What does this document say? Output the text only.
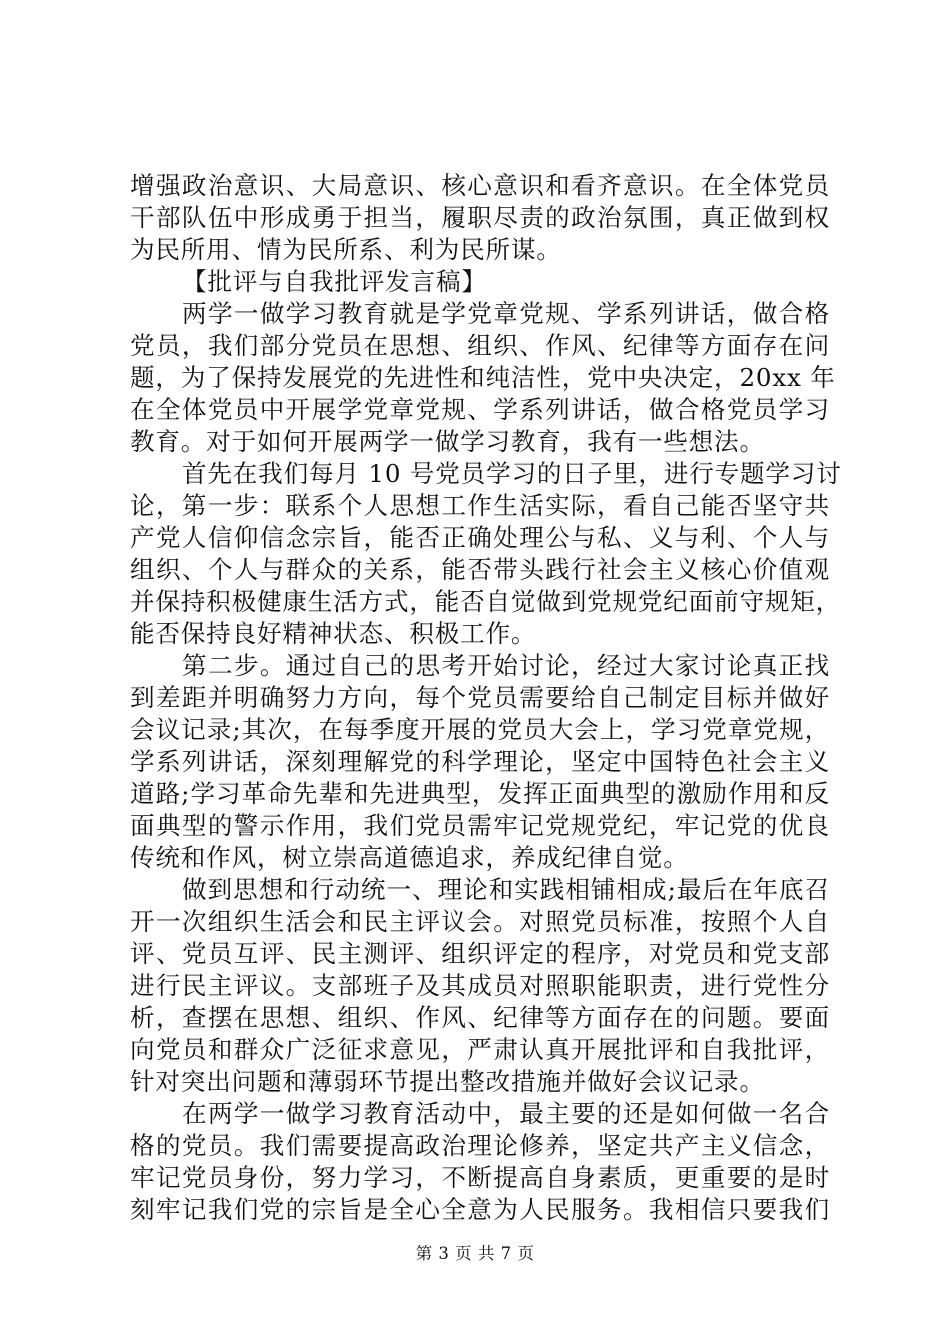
增强政治意识、大局意识、核心意识和看齐意识。在全体党员
干部队伍中形成勇于担当，履职尽责的政治氛围，真正做到权
为民所用、情为民所系、利为民所谋。
【批评与自我批评发言稿】
两学一做学习教育就是学党章党规、学系列讲话，做合格
党员，我们部分党员在思想、组织、作风、纪律等方面存在问
题，为了保持发展党的先进性和纯洁性，党中央决定，20xx 年
在全体党员中开展学党章党规、学系列讲话，做合格党员学习
教育。对于如何开展两学一做学习教育，我有一些想法。
首先在我们每月 10 号党员学习的日子里，进行专题学习讨
论，第一步：联系个人思想工作生活实际，看自己能否坚守共
产党人信仰信念宗旨，能否正确处理公与私、义与利、个人与
组织、个人与群众的关系，能否带头践行社会主义核心价值观
并保持积极健康生活方式，能否自觉做到党规党纪面前守规矩，
能否保持良好精神状态、积极工作。
第二步。通过自己的思考开始讨论，经过大家讨论真正找
到差距并明确努力方向，每个党员需要给自己制定目标并做好
会议记录;其次，在每季度开展的党员大会上，学习党章党规，
学系列讲话，深刻理解党的科学理论，坚定中国特色社会主义
道路;学习革命先辈和先进典型，发挥正面典型的激励作用和反
面典型的警示作用，我们党员需牢记党规党纪，牢记党的优良
传统和作风，树立崇高道德追求，养成纪律自觉。
做到思想和行动统一、理论和实践相铺相成;最后在年底召
开一次组织生活会和民主评议会。对照党员标准，按照个人自
评、党员互评、民主测评、组织评定的程序，对党员和党支部
进行民主评议。支部班子及其成员对照职能职责，进行党性分
析，查摆在思想、组织、作风、纪律等方面存在的问题。要面
向党员和群众广泛征求意见，严肃认真开展批评和自我批评，
针对突出问题和薄弱环节提出整改措施并做好会议记录。
在两学一做学习教育活动中，最主要的还是如何做一名合
格的党员。我们需要提高政治理论修养，坚定共产主义信念，
牢记党员身份，努力学习，不断提高自身素质，更重要的是时
刻牢记我们党的宗旨是全心全意为人民服务。我相信只要我们
第 3 页 共 7 页
